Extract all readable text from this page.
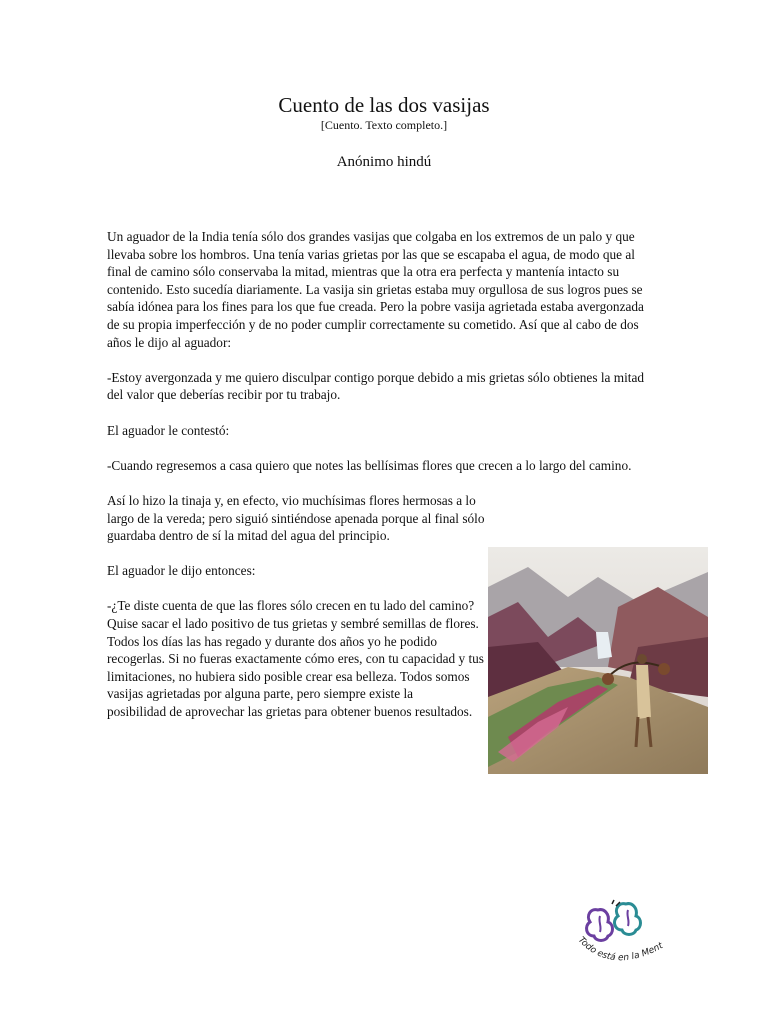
Cuento de las dos vasijas
[Cuento. Texto completo.]
Anónimo hindú

Un aguador de la India tenía sólo dos grandes vasijas que colgaba en los extremos de un palo y que llevaba sobre los hombros. Una tenía varias grietas por las que se escapaba el agua, de modo que al final de camino sólo conservaba la mitad, mientras que la otra era perfecta y mantenía intacto su contenido. Esto sucedía diariamente. La vasija sin grietas estaba muy orgullosa de sus logros pues se sabía idónea para los fines para los que fue creada. Pero la pobre vasija agrietada estaba avergonzada de su propia imperfección y de no poder cumplir correctamente su cometido. Así que al cabo de dos años le dijo al aguador:

-Estoy avergonzada y me quiero disculpar contigo porque debido a mis grietas sólo obtienes la mitad del valor que deberías recibir por tu trabajo.

El aguador le contestó:

-Cuando regresemos a casa quiero que notes las bellísimas flores que crecen a lo largo del camino.

Así lo hizo la tinaja y, en efecto, vio muchísimas flores hermosas a lo largo de la vereda; pero siguió sintiéndose apenada porque al final sólo guardaba dentro de sí la mitad del agua del principio.

El aguador le dijo entonces:

-¿Te diste cuenta de que las flores sólo crecen en tu lado del camino? Quise sacar el lado positivo de tus grietas y sembré semillas de flores. Todos los días las has regado y durante dos años yo he podido recogerlas. Si no fueras exactamente cómo eres, con tu capacidad y tus limitaciones, no hubiera sido posible crear esa belleza. Todos somos vasijas agrietadas por alguna parte, pero siempre existe la

posibilidad de aprovechar las grietas para obtener buenos resultados.

Todo está en la Ment
